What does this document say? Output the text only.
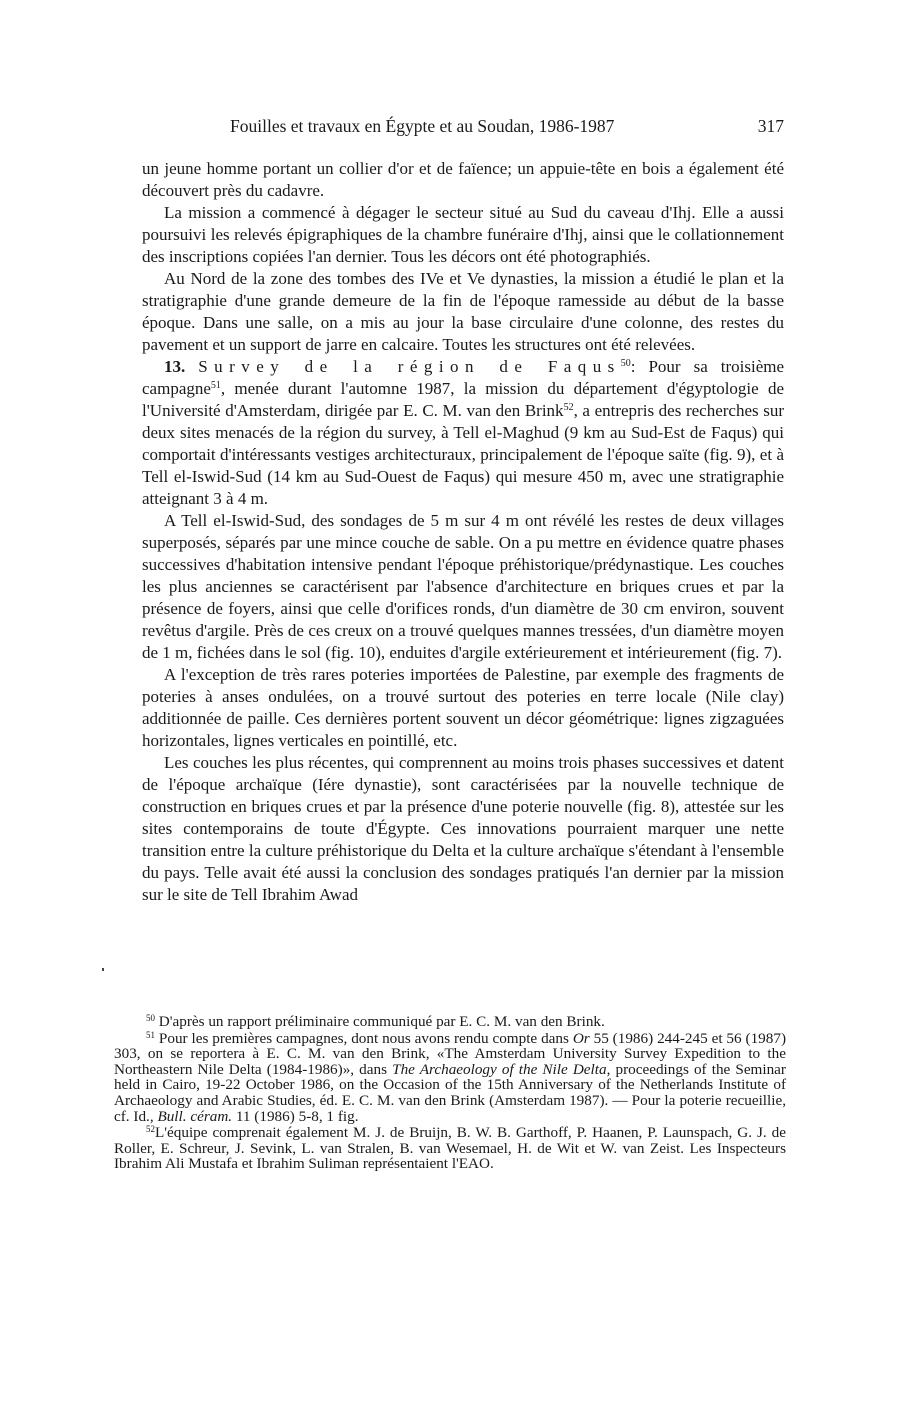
Fouilles et travaux en Égypte et au Soudan, 1986-1987	317

un jeune homme portant un collier d'or et de faïence; un appuie-tête en bois a également été découvert près du cadavre.

La mission a commencé à dégager le secteur situé au Sud du caveau d'Ihj. Elle a aussi poursuivi les relevés épigraphiques de la chambre funéraire d'Ihj, ainsi que le collationnement des inscriptions copiées l'an dernier. Tous les décors ont été photographiés.

Au Nord de la zone des tombes des IVe et Ve dynasties, la mission a étudié le plan et la stratigraphie d'une grande demeure de la fin de l'époque ramesside au début de la basse époque. Dans une salle, on a mis au jour la base circulaire d'une colonne, des restes du pavement et un support de jarre en calcaire. Toutes les structures ont été relevées.

13. Survey de la région de Faqus$^{50}$: Pour sa troisième campagne$^{51}$, menée durant l'automne 1987, la mission du département d'égyptologie de l'Université d'Amsterdam, dirigée par E. C. M. van den Brink$^{52}$, a entrepris des recherches sur deux sites menacés de la région du survey, à Tell el-Maghud (9 km au Sud-Est de Faqus) qui comportait d'intéressants vestiges architecturaux, principalement de l'époque saïte (fig. 9), et à Tell el-Iswid-Sud (14 km au Sud-Ouest de Faqus) qui mesure 450 m, avec une stratigraphie atteignant 3 à 4 m.

A Tell el-Iswid-Sud, des sondages de 5 m sur 4 m ont révélé les restes de deux villages superposés, séparés par une mince couche de sable. On a pu mettre en évidence quatre phases successives d'habitation intensive pendant l'époque préhistorique/prédynastique. Les couches les plus anciennes se caractérisent par l'absence d'architecture en briques crues et par la présence de foyers, ainsi que celle d'orifices ronds, d'un diamètre de 30 cm environ, souvent revêtus d'argile. Près de ces creux on a trouvé quelques mannes tressées, d'un diamètre moyen de 1 m, fichées dans le sol (fig. 10), enduites d'argile extérieurement et intérieurement (fig. 7).

A l'exception de très rares poteries importées de Palestine, par exemple des fragments de poteries à anses ondulées, on a trouvé surtout des poteries en terre locale (Nile clay) additionnée de paille. Ces dernières portent souvent un décor géométrique: lignes zigzaguées horizontales, lignes verticales en pointillé, etc.

Les couches les plus récentes, qui comprennent au moins trois phases successives et datent de l'époque archaïque (Iére dynastie), sont caractérisées par la nouvelle technique de construction en briques crues et par la présence d'une poterie nouvelle (fig. 8), attestée sur les sites contemporains de toute d'Égypte. Ces innovations pourraient marquer une nette transition entre la culture préhistorique du Delta et la culture archaïque s'étendant à l'ensemble du pays. Telle avait été aussi la conclusion des sondages pratiqués l'an dernier par la mission sur le site de Tell Ibrahim Awad

$^{50}$ D'après un rapport préliminaire communiqué par E. C. M. van den Brink.

$^{51}$ Pour les premières campagnes, dont nous avons rendu compte dans Or 55 (1986) 244-245 et 56 (1987) 303, on se reportera à E. C. M. van den Brink, «The Amsterdam University Survey Expedition to the Northeastern Nile Delta (1984-1986)», dans The Archaeology of the Nile Delta, proceedings of the Seminar held in Cairo, 19-22 October 1986, on the Occasion of the 15th Anniversary of the Netherlands Institute of Archaeology and Arabic Studies, éd. E. C. M. van den Brink (Amsterdam 1987). — Pour la poterie recueillie, cf. Id., Bull. céram. 11 (1986) 5-8, 1 fig.

$^{52}$L'équipe comprenait également M. J. de Bruijn, B. W. B. Garthoff, P. Haanen, P. Launspach, G. J. de Roller, E. Schreur, J. Sevink, L. van Stralen, B. van Wesemael, H. de Wit et W. van Zeist. Les Inspecteurs Ibrahim Ali Mustafa et Ibrahim Suliman représentaient l'EAO.
